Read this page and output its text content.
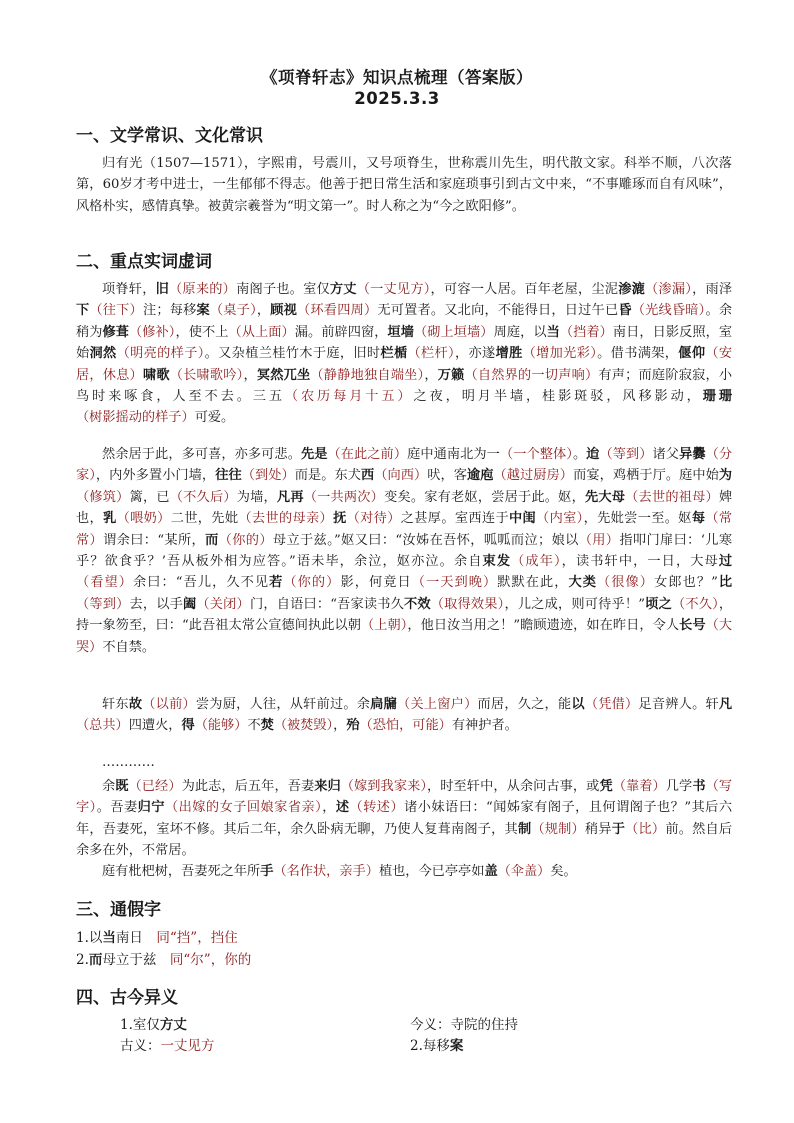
《项脊轩志》知识点梳理（答案版）
2025.3.3
一、文学常识、文化常识
归有光（1507—1571），字熙甫，号震川，又号项脊生，世称震川先生，明代散文家。科举不顺，八次落第，60岁才考中进士，一生郁郁不得志。他善于把日常生活和家庭琐事引到古文中来，“不事雕琢而自有风味”，风格朴实，感情真挚。被黄宗羲誉为“明文第一”。时人称之为“今之欧阳修”。
二、重点实词虚词
项脊轩，旧（原来的）南阁子也。室仅方丈（一丈见方），可容一人居。百年老屋，尘泥渗漉（渗漏），雨泽下（往下）注；每移案（桌子），顾视（环看四周）无可置者。又北向，不能得日，日过午已昏（光线昏暗）。余稍为修葺（修补），使不上（从上面）漏。前辟四窗，垣墙（砌上垣墙）周庭，以当（挡着）南日，日影反照，室始洞然（明亮的样子）。又杂植兰桂竹木于庭，旧时栏楯（栏杆），亦遂增胜（增加光彩）。借书满架，偃仰（安居，休息）啸歌（长啸歌吟），冥然兀坐（静静地独自端坐），万籁（自然界的一切声响）有声；而庭阶寂寂，小鸟时来啄食，人至不去。三五（农历每月十五）之夜，明月半墙，桂影斑驳，风移影动，珊珊（树影摇动的样子）可爱。
然余居于此，多可喜，亦多可悲。先是（在此之前）庭中通南北为一（一个整体）。迨（等到）诸父异爨（分家），内外多置小门墙，往往（到处）而是。东犬西（向西）吠，客逾庖（越过厨房）而宴，鸡栖于厅。庭中始为（修筑）篱，已（不久后）为墙，凡再（一共两次）变矣。家有老妪，尝居于此。妪，先大母（去世的祖母）婢也，乳（喂奶）二世，先妣（去世的母亲）抚（对待）之甚厚。室西连于中闺（内室），先妣尝一至。妪每（常常）谓余曰：“某所，而（你的）母立于兹。”妪又曰：“汝姊在吾怀，呱呱而泣；娘以（用）指叩门扉曰：‘儿寒乎？欲食乎？’吾从板外相为应答。”语未毕，余泣，妪亦泣。余自束发（成年），读书轩中，一日，大母过（看望）余曰：“吾儿，久不见若（你的）影，何竟日（一天到晚）默默在此，大类（很像）女郎也？”比（等到）去，以手阖（关闭）门，自语曰：“吾家读书久不效（取得效果），儿之成，则可待乎！”顷之（不久），持一象笏至，曰：“此吾祖太常公宣德间执此以朝（上朝），他日汝当用之！”瞻顾遗迹，如在昨日，令人长号（大哭）不自禁。
轩东故（以前）尝为厨，人往，从轩前过。余扃牖（关上窗户）而居，久之，能以（凭借）足音辨人。轩凡（总共）四遭火，得（能够）不焚（被焚毁），殆（恐怕，可能）有神护者。
…………
余既（已经）为此志，后五年，吾妻来归（嫁到我家来），时至轩中，从余问古事，或凭（靠着）几学书（写字）。吾妻归宁（出嫁的女子回娘家省亲），述（转述）诸小妹语曰：“闻姊家有阁子，且何谓阁子也？”其后六年，吾妻死，室坏不修。其后二年，余久卧病无聊，乃使人复葺南阁子，其制（规制）稍异于（比）前。然自后余多在外，不常居。
庭有枇杷树，吾妻死之年所手（名作状，亲手）植也，今已亭亭如盖（伞盖）矣。
三、通假字
1.以当南日　同“挡”，挡住
2.而母立于兹　同“尔”，你的
四、古今异义
1.室仅方丈	今义：寺院的住持
古义：一丈见方	2.每移案
